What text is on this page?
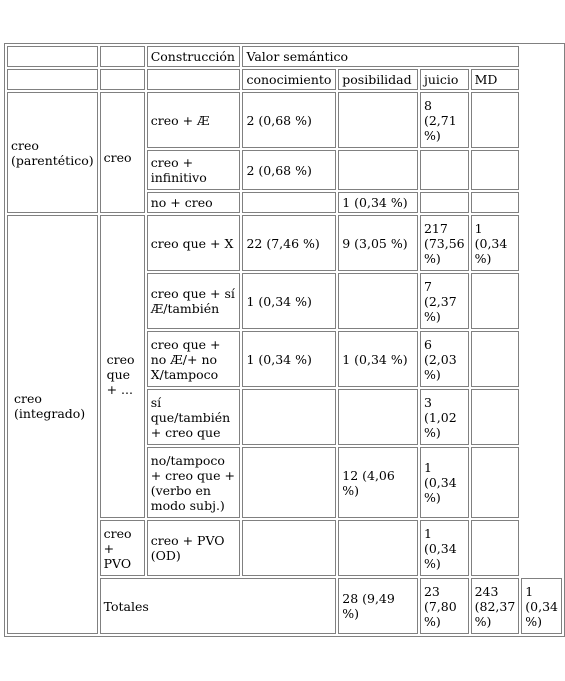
		Construcción	Valor semántico				
			conocimiento	posibilidad	juicio	MD	
creo (parentético)	creo	creo + Æ	2 (0,68 %)		8 (2,71 %)		
		creo + infinitivo	2 (0,68 %)				
		no + creo		1 (0,34 %)			
creo (integrado)	creo que + ...	creo que + X	22 (7,46 %)	9 (3,05 %)	217 (73,56 %)	1 (0,34 %)	
		creo que + sí Æ/también	1 (0,34 %)		7 (2,37 %)		
		creo que + no Æ/+ no X/tampoco	1 (0,34 %)	1 (0,34 %)	6 (2,03 %)		
		sí que/también + creo que			3 (1,02 %)		
		no/tampoco + creo que + (verbo en modo subj.)		12 (4,06 %)	1 (0,34 %)		
	creo + PVO	creo + PVO (OD)			1 (0,34 %)		
	Totales			28 (9,49 %)	23 (7,80 %)	243 (82,37 %)	1 (0,34 %)
